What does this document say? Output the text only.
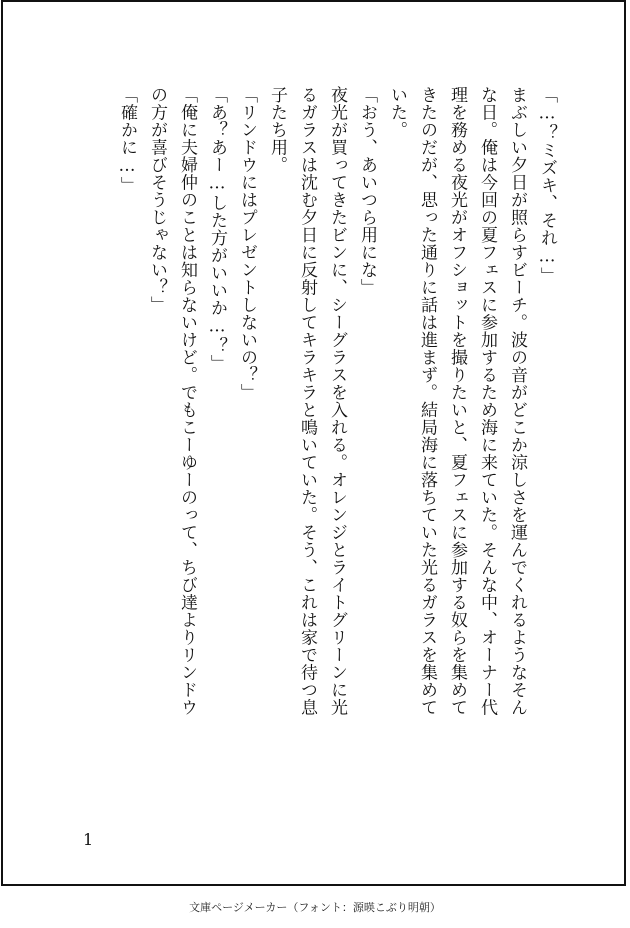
「…？ミズキ、それ…」
まぶしい夕日が照らすビーチ。波の音がどこか涼しさを運んでくれるようなそん
な日。俺は今回の夏フェスに参加するため海に来ていた。そんな中、オーナー代
理を務める夜光がオフショットを撮りたいと、夏フェスに参加する奴らを集めて
きたのだが、思った通りに話は進まず。結局海に落ちていた光るガラスを集めて
いた。
「おう、あいつら用にな」
夜光が買ってきたビンに、シーグラスを入れる。オレンジとライトグリーンに光
るガラスは沈む夕日に反射してキラキラと鳴いていた。そう、これは家で待つ息
子たち用。
「リンドウにはプレゼントしないの？」
「あ？あー…した方がいいか…？」
「俺に夫婦仲のことは知らないけど。でもこーゆーのって、ちび達よりリンドウ
の方が喜びそうじゃない？」
「確かに…」
1
文庫ページメーカー（フォント：源暎こぶり明朝）
